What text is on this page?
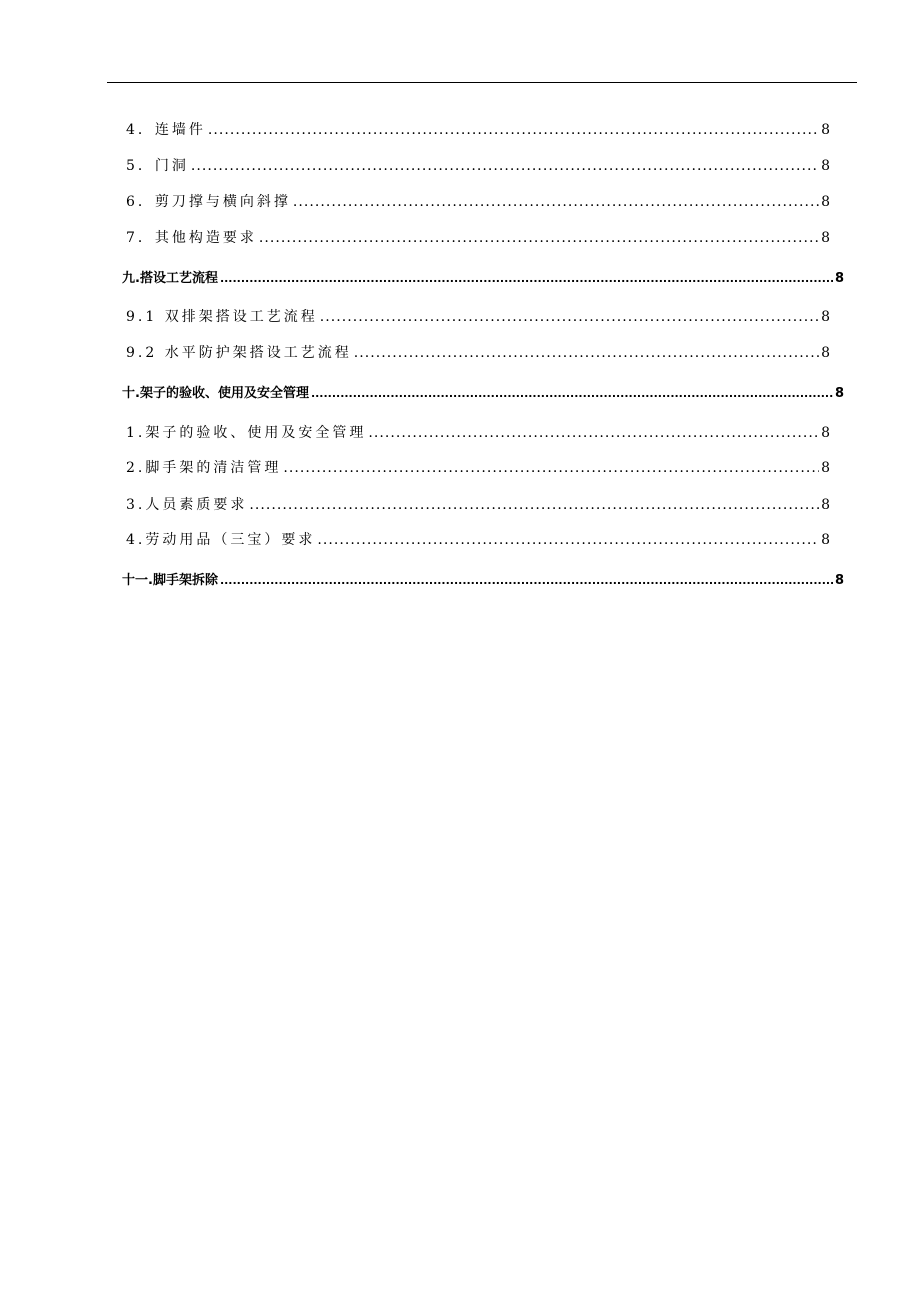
4．连墙件 .....	8
5．门洞 .....	8
6．剪刀撑与横向斜撑 .....	8
7．其他构造要求 .....	8
九.搭设工艺流程 .....	8
9.1 双排架搭设工艺流程 .....	8
9.2 水平防护架搭设工艺流程 .....	8
十.架子的验收、使用及安全管理 .....	8
1.架子的验收、使用及安全管理 .....	8
2.脚手架的清洁管理 .....	8
3.人员素质要求 .....	8
4.劳动用品（三宝）要求 .....	8
十一.脚手架拆除 .....	8
